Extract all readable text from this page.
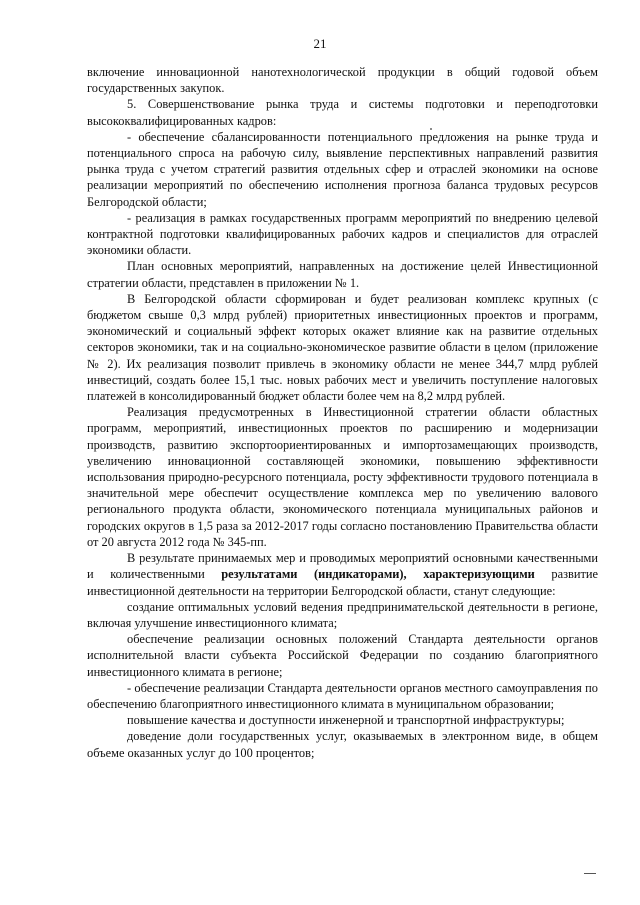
21

включение инновационной нанотехнологической продукции в общий годовой объем государственных закупок.

5. Совершенствование рынка труда и системы подготовки и переподготовки высококвалифицированных кадров:

- обеспечение сбалансированности потенциального предложения на рынке труда и потенциального спроса на рабочую силу, выявление перспективных направлений развития рынка труда с учетом стратегий развития отдельных сфер и отраслей экономики на основе реализации мероприятий по обеспечению исполнения прогноза баланса трудовых ресурсов Белгородской области;

- реализация в рамках государственных программ мероприятий по внедрению целевой контрактной подготовки квалифицированных рабочих кадров и специалистов для отраслей экономики области.

План основных мероприятий, направленных на достижение целей Инвестиционной стратегии области, представлен в приложении № 1.

В Белгородской области сформирован и будет реализован комплекс крупных (с бюджетом свыше 0,3 млрд рублей) приоритетных инвестиционных проектов и программ, экономический и социальный эффект которых окажет влияние как на развитие отдельных секторов экономики, так и на социально-экономическое развитие области в целом (приложение № 2). Их реализация позволит привлечь в экономику области не менее 344,7 млрд рублей инвестиций, создать более 15,1 тыс. новых рабочих мест и увеличить поступление налоговых платежей в консолидированный бюджет области более чем на 8,2 млрд рублей.

Реализация предусмотренных в Инвестиционной стратегии области областных программ, мероприятий, инвестиционных проектов по расширению и модернизации производств, развитию экспортоориентированных и импортозамещающих производств, увеличению инновационной составляющей экономики, повышению эффективности использования природно-ресурсного потенциала, росту эффективности трудового потенциала в значительной мере обеспечит осуществление комплекса мер по увеличению валового регионального продукта области, экономического потенциала муниципальных районов и городских округов в 1,5 раза за 2012-2017 годы согласно постановлению Правительства области от 20 августа 2012 года № 345-пп.

В результате принимаемых мер и проводимых мероприятий основными качественными и количественными результатами (индикаторами), характеризующими развитие инвестиционной деятельности на территории Белгородской области, станут следующие:

создание оптимальных условий ведения предпринимательской деятельности в регионе, включая улучшение инвестиционного климата;

обеспечение реализации основных положений Стандарта деятельности органов исполнительной власти субъекта Российской Федерации по созданию благоприятного инвестиционного климата в регионе;

- обеспечение реализации Стандарта деятельности органов местного самоуправления по обеспечению благоприятного инвестиционного климата в муниципальном образовании;

повышение качества и доступности инженерной и транспортной инфраструктуры;

доведение доли государственных услуг, оказываемых в электронном виде, в общем объеме оказанных услуг до 100 процентов;
